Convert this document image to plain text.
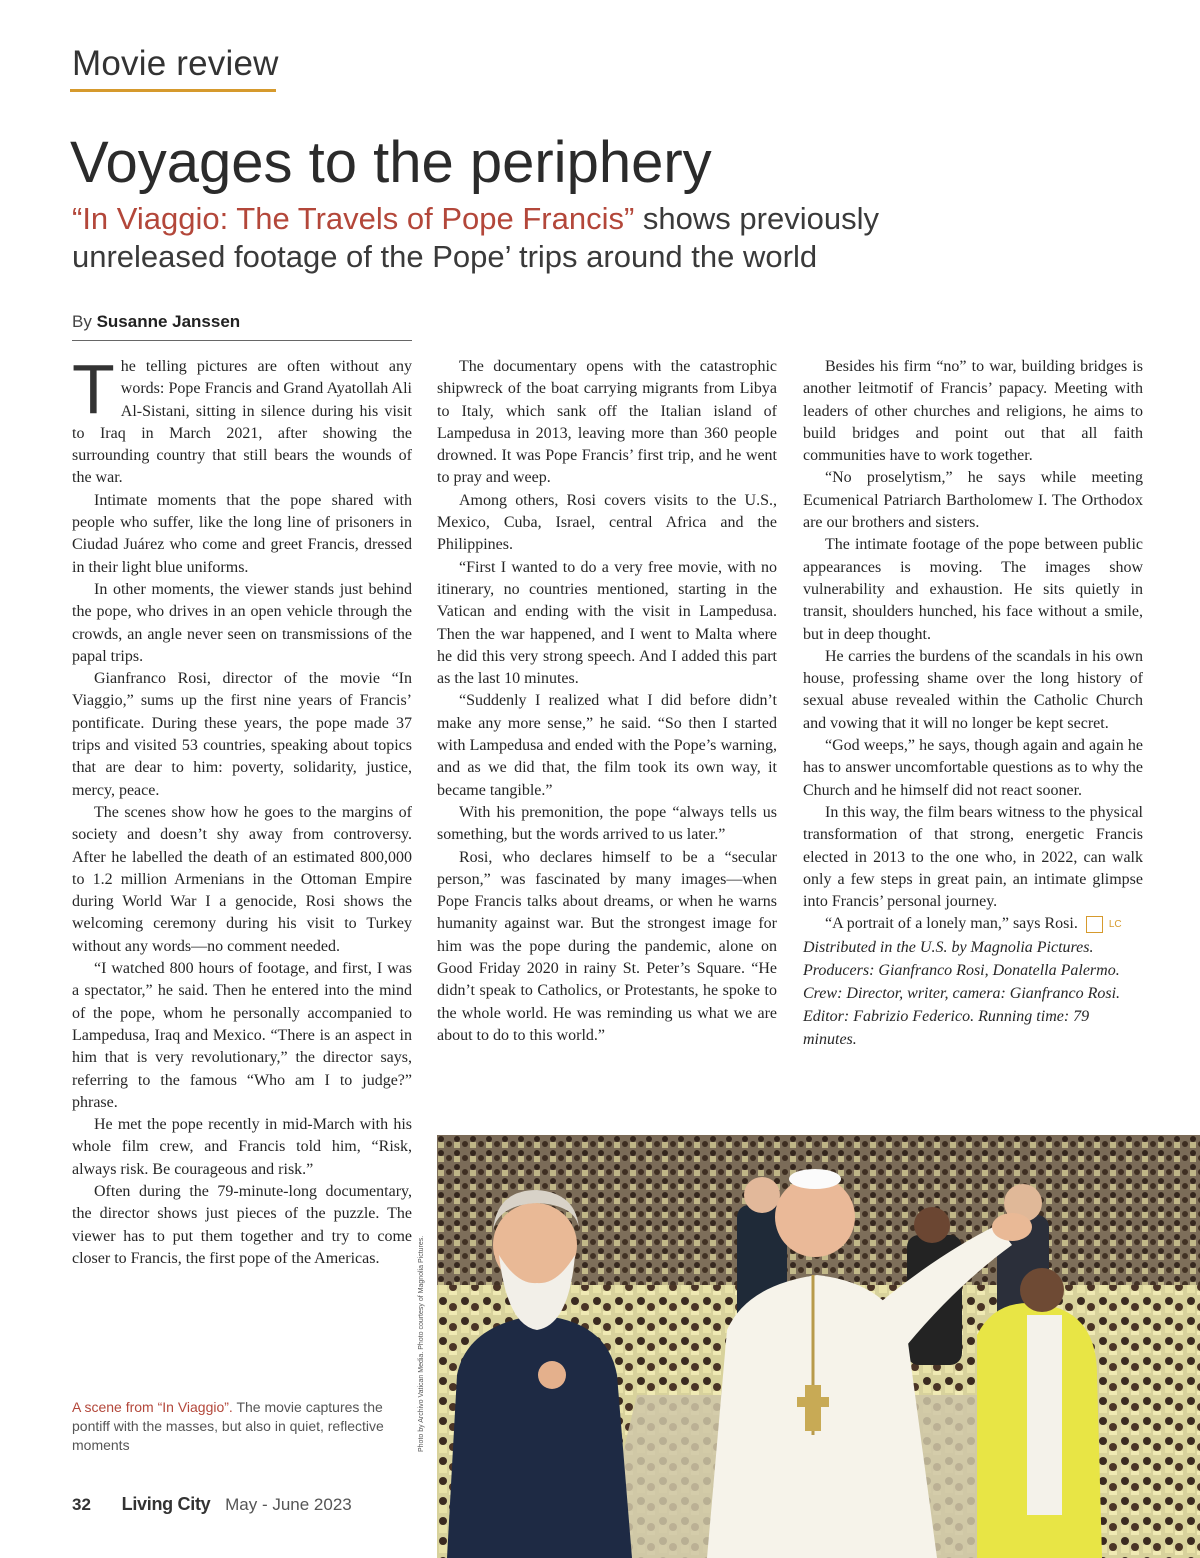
Movie review
Voyages to the periphery

“In Viaggio: The Travels of Pope Francis” shows previously unreleased footage of the Pope’ trips around the world

By Susanne Janssen

The telling pictures are often without any words: Pope Francis and Grand Ayatollah Ali Al-Sistani, sitting in silence during his visit to Iraq in March 2021, after showing the surrounding country that still bears the wounds of the war.

Intimate moments that the pope shared with people who suffer, like the long line of prisoners in Ciudad Juárez who come and greet Francis, dressed in their light blue uniforms.

In other moments, the viewer stands just behind the pope, who drives in an open vehicle through the crowds, an angle never seen on transmissions of the papal trips.

Gianfranco Rosi, director of the movie “In Viaggio,” sums up the first nine years of Francis’ pontificate. During these years, the pope made 37 trips and visited 53 countries, speaking about topics that are dear to him: poverty, solidarity, justice, mercy, peace.

The scenes show how he goes to the margins of society and doesn’t shy away from controversy. After he labelled the death of an estimated 800,000 to 1.2 million Armenians in the Ottoman Empire during World War I a genocide, Rosi shows the welcoming ceremony during his visit to Turkey without any words—no comment needed.

“I watched 800 hours of footage, and first, I was a spectator,” he said. Then he entered into the mind of the pope, whom he personally accompanied to Lampedusa, Iraq and Mexico. “There is an aspect in him that is very revolutionary,” the director says, referring to the famous “Who am I to judge?” phrase.

He met the pope recently in mid-March with his whole film crew, and Francis told him, “Risk, always risk. Be courageous and risk.”

Often during the 79-minute-long documentary, the director shows just pieces of the puzzle. The viewer has to put them together and try to come closer to Francis, the first pope of the Americas.

The documentary opens with the catastrophic shipwreck of the boat carrying migrants from Libya to Italy, which sank off the Italian island of Lampedusa in 2013, leaving more than 360 people drowned. It was Pope Francis’ first trip, and he went to pray and weep.

Among others, Rosi covers visits to the U.S., Mexico, Cuba, Israel, central Africa and the Philippines.

“First I wanted to do a very free movie, with no itinerary, no countries mentioned, starting in the Vatican and ending with the visit in Lampedusa. Then the war happened, and I went to Malta where he did this very strong speech. And I added this part as the last 10 minutes.

“Suddenly I realized what I did before didn’t make any more sense,” he said. “So then I started with Lampedusa and ended with the Pope’s warning, and as we did that, the film took its own way, it became tangible.”

With his premonition, the pope “always tells us something, but the words arrived to us later.”

Rosi, who declares himself to be a “secular person,” was fascinated by many images—when Pope Francis talks about dreams, or when he warns humanity against war. But the strongest image for him was the pope during the pandemic, alone on Good Friday 2020 in rainy St. Peter’s Square. “He didn’t speak to Catholics, or Protestants, he spoke to the whole world. He was reminding us what we are about to do to this world.”

Besides his firm “no” to war, building bridges is another leitmotif of Francis’ papacy. Meeting with leaders of other churches and religions, he aims to build bridges and point out that all faith communities have to work together.

“No proselytism,” he says while meeting Ecumenical Patriarch Bartholomew I. The Orthodox are our brothers and sisters.

The intimate footage of the pope between public appearances is moving. The images show vulnerability and exhaustion. He sits quietly in transit, shoulders hunched, his face without a smile, but in deep thought.

He carries the burdens of the scandals in his own house, professing shame over the long history of sexual abuse revealed within the Catholic Church and vowing that it will no longer be kept secret.

“God weeps,” he says, though again and again he has to answer uncomfortable questions as to why the Church and he himself did not react sooner.

In this way, the film bears witness to the physical transformation of that strong, energetic Francis elected in 2013 to the one who, in 2022, can walk only a few steps in great pain, an intimate glimpse into Francis’ personal journey.

“A portrait of a lonely man,” says Rosi.	LC

Distributed in the U.S. by Magnolia Pictures. Producers: Gianfranco Rosi, Donatella Palermo. Crew: Director, writer, camera: Gianfranco Rosi. Editor: Fabrizio Federico. Running time: 79 minutes.

Photo by Archivo Vatican Media. Photo courtesy of Magnolia Pictures.
A scene from “In Viaggio”. The movie captures the pontiff with the masses, but also in quiet, reflective moments
32 Living City May - June 2023
